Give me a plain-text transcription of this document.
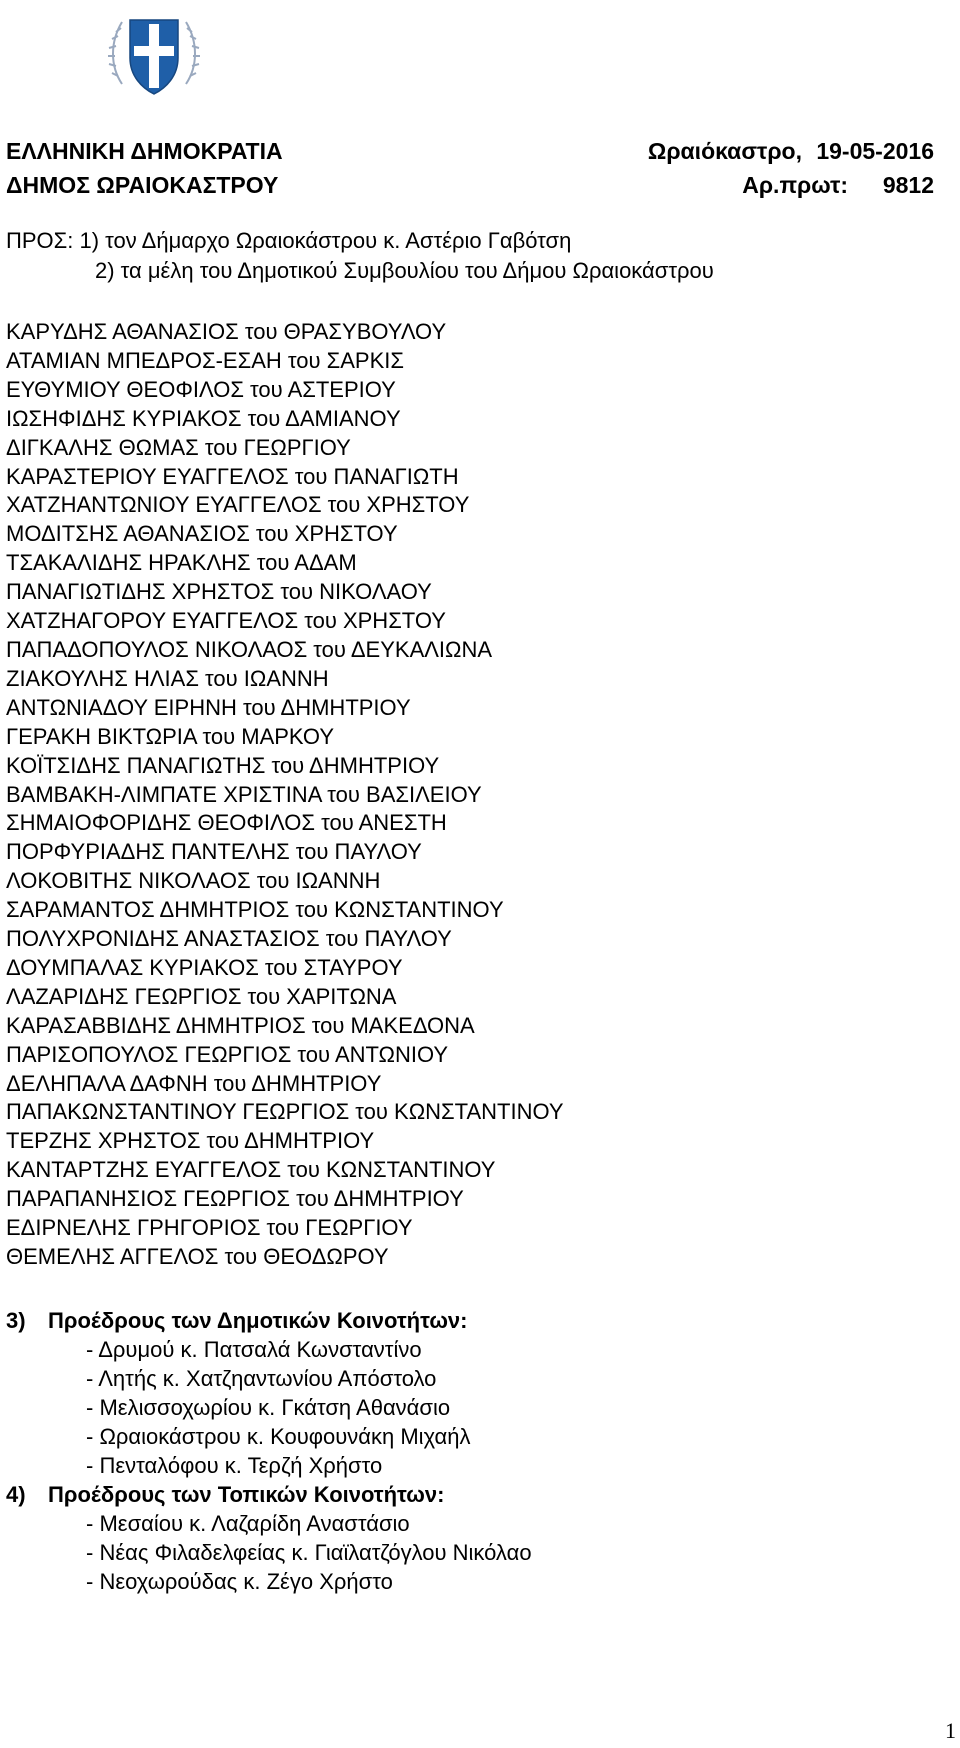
ΕΛΛΗΝΙΚΗ ΔΗΜΟΚΡΑΤΙΑ	Ωραιόκαστρο, 19-05-2016
ΔΗΜΟΣ ΩΡΑΙΟΚΑΣΤΡΟΥ	Αρ.πρωτ:	9812
ΠΡΟΣ: 1) τον Δήμαρχο Ωραιοκάστρου κ. Αστέριο Γαβότση
2) τα μέλη του Δημοτικού Συμβουλίου του Δήμου Ωραιοκάστρου
ΚΑΡΥΔΗΣ ΑΘΑΝΑΣΙΟΣ του ΘΡΑΣΥΒΟΥΛΟΥ
ΑΤΑΜΙΑΝ ΜΠΕΔΡΟΣ-ΕΣΑΗ του ΣΑΡΚΙΣ
ΕΥΘΥΜΙΟΥ ΘΕΟΦΙΛΟΣ του ΑΣΤΕΡΙΟΥ
ΙΩΣΗΦΙΔΗΣ ΚΥΡΙΑΚΟΣ του ΔΑΜΙΑΝΟΥ
ΔΙΓΚΑΛΗΣ ΘΩΜΑΣ του ΓΕΩΡΓΙΟΥ
ΚΑΡΑΣΤΕΡΙΟΥ ΕΥΑΓΓΕΛΟΣ του ΠΑΝΑΓΙΩΤΗ
ΧΑΤΖΗΑΝΤΩΝΙΟΥ ΕΥΑΓΓΕΛΟΣ του ΧΡΗΣΤΟΥ
ΜΟΔΙΤΣΗΣ ΑΘΑΝΑΣΙΟΣ του ΧΡΗΣΤΟΥ
ΤΣΑΚΑΛΙΔΗΣ ΗΡΑΚΛΗΣ του ΑΔΑΜ
ΠΑΝΑΓΙΩΤΙΔΗΣ ΧΡΗΣΤΟΣ του ΝΙΚΟΛΑΟΥ
ΧΑΤΖΗΑΓΟΡΟΥ ΕΥΑΓΓΕΛΟΣ του ΧΡΗΣΤΟΥ
ΠΑΠΑΔΟΠΟΥΛΟΣ ΝΙΚΟΛΑΟΣ του ΔΕΥΚΑΛΙΩΝΑ
ΖΙΑΚΟΥΛΗΣ ΗΛΙΑΣ του ΙΩΑΝΝΗ
ΑΝΤΩΝΙΑΔΟΥ ΕΙΡΗΝΗ του ΔΗΜΗΤΡΙΟΥ
ΓΕΡΑΚΗ ΒΙΚΤΩΡΙΑ του ΜΑΡΚΟΥ
ΚΟΪΤΣΙΔΗΣ ΠΑΝΑΓΙΩΤΗΣ του ΔΗΜΗΤΡΙΟΥ
ΒΑΜΒΑΚΗ-ΛΙΜΠΑΤΕ ΧΡΙΣΤΙΝΑ του ΒΑΣΙΛΕΙΟΥ
ΣΗΜΑΙΟΦΟΡΙΔΗΣ ΘΕΟΦΙΛΟΣ του ΑΝΕΣΤΗ
ΠΟΡΦΥΡΙΑΔΗΣ ΠΑΝΤΕΛΗΣ του ΠΑΥΛΟΥ
ΛΟΚΟΒΙΤΗΣ ΝΙΚΟΛΑΟΣ του ΙΩΑΝΝΗ
ΣΑΡΑΜΑΝΤΟΣ ΔΗΜΗΤΡΙΟΣ του ΚΩΝΣΤΑΝΤΙΝΟΥ
ΠΟΛΥΧΡΟΝΙΔΗΣ ΑΝΑΣΤΑΣΙΟΣ του ΠΑΥΛΟΥ
ΔΟΥΜΠΑΛΑΣ ΚΥΡΙΑΚΟΣ του ΣΤΑΥΡΟΥ
ΛΑΖΑΡΙΔΗΣ ΓΕΩΡΓΙΟΣ του ΧΑΡΙΤΩΝΑ
ΚΑΡΑΣΑΒΒΙΔΗΣ ΔΗΜΗΤΡΙΟΣ του ΜΑΚΕΔΟΝΑ
ΠΑΡΙΣΟΠΟΥΛΟΣ ΓΕΩΡΓΙΟΣ του ΑΝΤΩΝΙΟΥ
ΔΕΛΗΠΑΛΑ ΔΑΦΝΗ του ΔΗΜΗΤΡΙΟΥ
ΠΑΠΑΚΩΝΣΤΑΝΤΙΝΟΥ ΓΕΩΡΓΙΟΣ του ΚΩΝΣΤΑΝΤΙΝΟΥ
ΤΕΡΖΗΣ ΧΡΗΣΤΟΣ του ΔΗΜΗΤΡΙΟΥ
ΚΑΝΤΑΡΤΖΗΣ ΕΥΑΓΓΕΛΟΣ του ΚΩΝΣΤΑΝΤΙΝΟΥ
ΠΑΡΑΠΑΝΗΣΙΟΣ ΓΕΩΡΓΙΟΣ του ΔΗΜΗΤΡΙΟΥ
ΕΔΙΡΝΕΛΗΣ ΓΡΗΓΟΡΙΟΣ του ΓΕΩΡΓΙΟΥ
ΘΕΜΕΛΗΣ ΑΓΓΕΛΟΣ του ΘΕΟΔΩΡΟΥ
3)	Προέδρους των Δημοτικών Κοινοτήτων:
- Δρυμού κ. Πατσαλά Κωνσταντίνο
- Λητής κ. Χατζηαντωνίου Απόστολο
- Μελισσοχωρίου κ. Γκάτση Αθανάσιο
- Ωραιοκάστρου κ. Κουφουνάκη Μιχαήλ
- Πενταλόφου κ. Τερζή Χρήστο
4)	Προέδρους των Τοπικών Κοινοτήτων:
- Μεσαίου κ. Λαζαρίδη Αναστάσιο
- Νέας Φιλαδελφείας κ. Γιαϊλατζόγλου Νικόλαο
- Νεοχωρούδας κ. Ζέγο Χρήστο
1
